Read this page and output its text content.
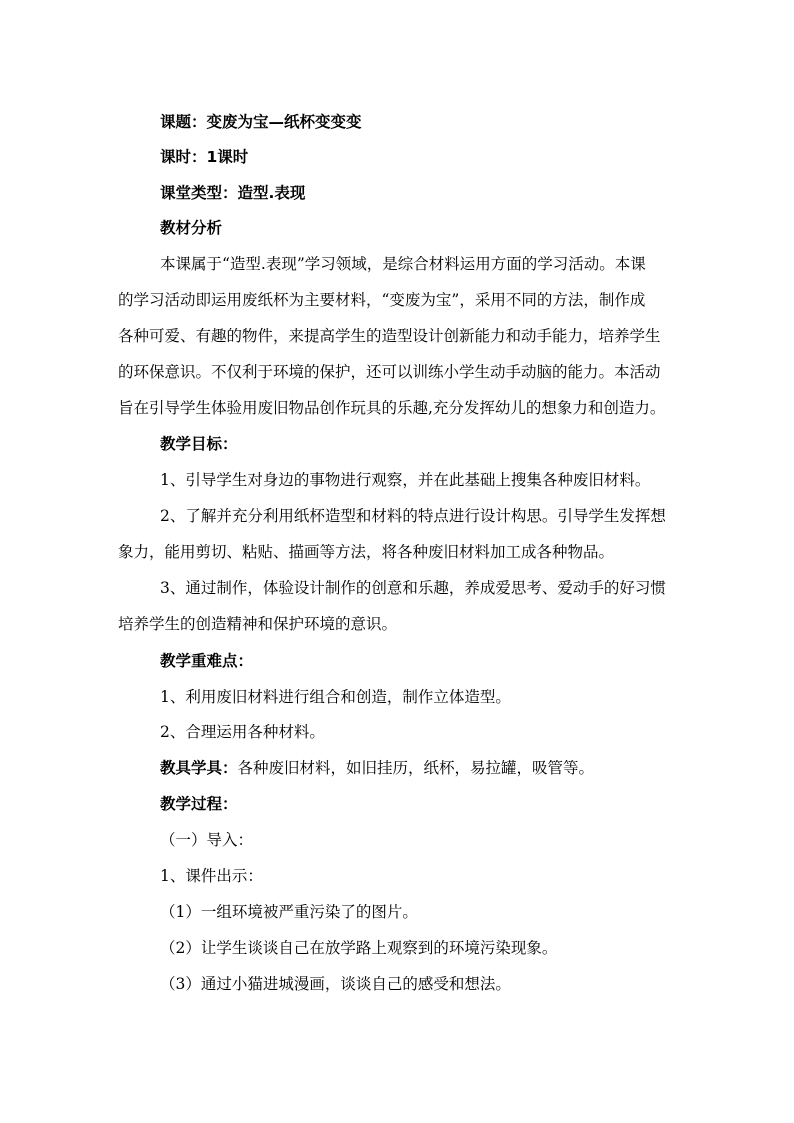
课题：变废为宝—纸杯变变变
课时：1课时
课堂类型：造型.表现
教材分析
本课属于“造型.表现”学习领域，是综合材料运用方面的学习活动。本课
的学习活动即运用废纸杯为主要材料，“变废为宝”，采用不同的方法，制作成
各种可爱、有趣的物件，来提高学生的造型设计创新能力和动手能力，培养学生
的环保意识。不仅利于环境的保护，还可以训练小学生动手动脑的能力。本活动
旨在引导学生体验用废旧物品创作玩具的乐趣,充分发挥幼儿的想象力和创造力。
教学目标：
1、引导学生对身边的事物进行观察，并在此基础上搜集各种废旧材料。
2、了解并充分利用纸杯造型和材料的特点进行设计构思。引导学生发挥想
象力，能用剪切、粘贴、描画等方法，将各种废旧材料加工成各种物品。
3、通过制作，体验设计制作的创意和乐趣，养成爱思考、爱动手的好习惯
培养学生的创造精神和保护环境的意识。
教学重难点：
1、利用废旧材料进行组合和创造，制作立体造型。
2、合理运用各种材料。
教具学具：各种废旧材料，如旧挂历，纸杯，易拉罐，吸管等。
教学过程：
（一）导入：
1、课件出示：
（1）一组环境被严重污染了的图片。
（2）让学生谈谈自己在放学路上观察到的环境污染现象。
（3）通过小猫进城漫画，谈谈自己的感受和想法。
